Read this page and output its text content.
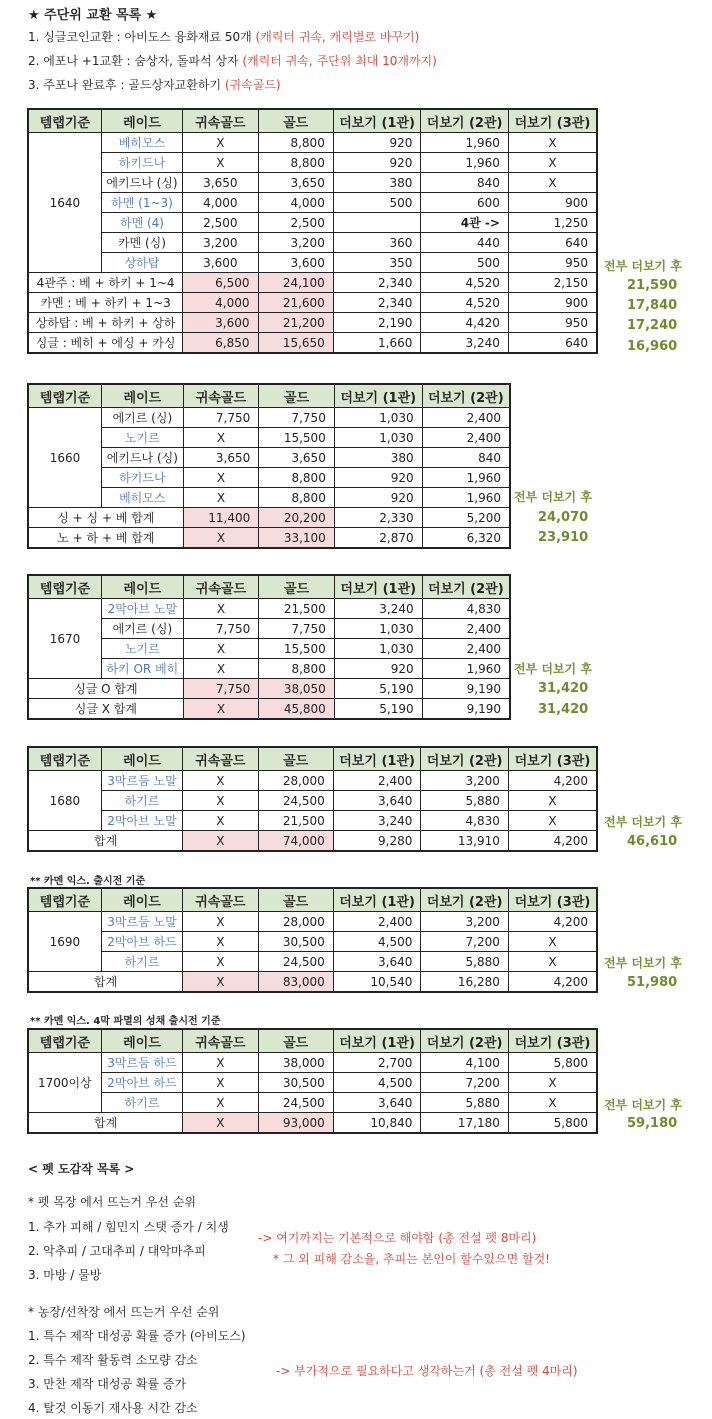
★ 주단위 교환 목록 ★
1. 싱글코인교환 : 아비도스 융화재료 50개 (캐릭터 귀속, 캐릭별로 바꾸기)
2. 에포나 +1교환 : 숨상자, 돌파석 상자 (캐릭터 귀속, 주단위 최대 10개까지)
3. 주포나 완료후 : 골드상자교환하기 (귀속골드)
템랩기준	레이드	귀속골드	골드	더보기 (1관)	더보기 (2관)	더보기 (3관)
1640	베히모스	X	8,800	920	1,960	X
	하키드나	X	8,800	920	1,960	X
	에키드나 (싱)	3,650	3,650	380	840	X
	하멘 (1~3)	4,000	4,000	500	600	900
	하멘 (4)	2,500	2,500		4관 ->	1,250
	카멘 (싱)	3,200	3,200	360	440	640
	상하탑	3,600	3,600	350	500	950
4관주 : 베 + 하키 + 1~4		6,500	24,100	2,340	4,520	2,150
카멘 : 베 + 하키 + 1~3		4,000	21,600	2,340	4,520	900
상하탑 : 베 + 하키 + 상하		3,600	21,200	2,190	4,420	950
싱글 : 베히 + 에싱 + 카싱		6,850	15,650	1,660	3,240	640
전부 더보기 후
21,590
17,840
17,240
16,960
템랩기준	레이드	귀속골드	골드	더보기 (1관)	더보기 (2관)
1660	에기르 (싱)	7,750	7,750	1,030	2,400
	노기르	X	15,500	1,030	2,400
	에키드나 (싱)	3,650	3,650	380	840
	하키드나	X	8,800	920	1,960
	베히모스	X	8,800	920	1,960
싱 + 싱 + 베 합계		11,400	20,200	2,330	5,200
노 + 하 + 베 합계		X	33,100	2,870	6,320
전부 더보기 후
24,070
23,910
템랩기준	레이드	귀속골드	골드	더보기 (1관)	더보기 (2관)
1670	2막아브 노말	X	21,500	3,240	4,830
	에기르 (싱)	7,750	7,750	1,030	2,400
	노기르	X	15,500	1,030	2,400
	하키 OR 베히	X	8,800	920	1,960
싱글 O 합계		7,750	38,050	5,190	9,190
싱글 X 합계		X	45,800	5,190	9,190
전부 더보기 후
31,420
31,420
템랩기준	레이드	귀속골드	골드	더보기 (1관)	더보기 (2관)	더보기 (3관)
1680	3막르둠 노말	X	28,000	2,400	3,200	4,200
	하기르	X	24,500	3,640	5,880	X
	2막아브 노말	X	21,500	3,240	4,830	X
합계		X	74,000	9,280	13,910	4,200
전부 더보기 후
46,610
** 카멘 익스. 출시전 기준
템랩기준	레이드	귀속골드	골드	더보기 (1관)	더보기 (2관)	더보기 (3관)
1690	3막르둠 노말	X	28,000	2,400	3,200	4,200
	2막아브 하드	X	30,500	4,500	7,200	X
	하기르	X	24,500	3,640	5,880	X
합계		X	83,000	10,540	16,280	4,200
전부 더보기 후
51,980
** 카멘 익스. 4막 파멸의 성채 출시전 기준
템랩기준	레이드	귀속골드	골드	더보기 (1관)	더보기 (2관)	더보기 (3관)
1700이상	3막르둠 하드	X	38,000	2,700	4,100	5,800
	2막아브 하드	X	30,500	4,500	7,200	X
	하기르	X	24,500	3,640	5,880	X
합계		X	93,000	10,840	17,180	5,800
전부 더보기 후
59,180
< 펫 도감작 목록 >
* 펫 목장 에서 뜨는거 우선 순위
1. 추가 피해 / 힘민지 스탯 증가 / 치생
2. 악추피 / 고대추피 / 대악마추피
3. 마방 / 물방
-> 여기까지는 기본적으로 해야함 (총 전설 펫 8마리)
* 그 외 피해 감소율, 추피는 본인이 할수있으면 할것!
* 농장/선착장 에서 뜨는거 우선 순위
1. 특수 제작 대성공 확률 증가 (아비도스)
2. 특수 제작 활동력 소모량 감소
3. 만찬 제작 대성공 확률 증가
4. 탈것 이동기 재사용 시간 감소
-> 부가적으로 필요하다고 생각하는거 (총 전설 펫 4마리)
